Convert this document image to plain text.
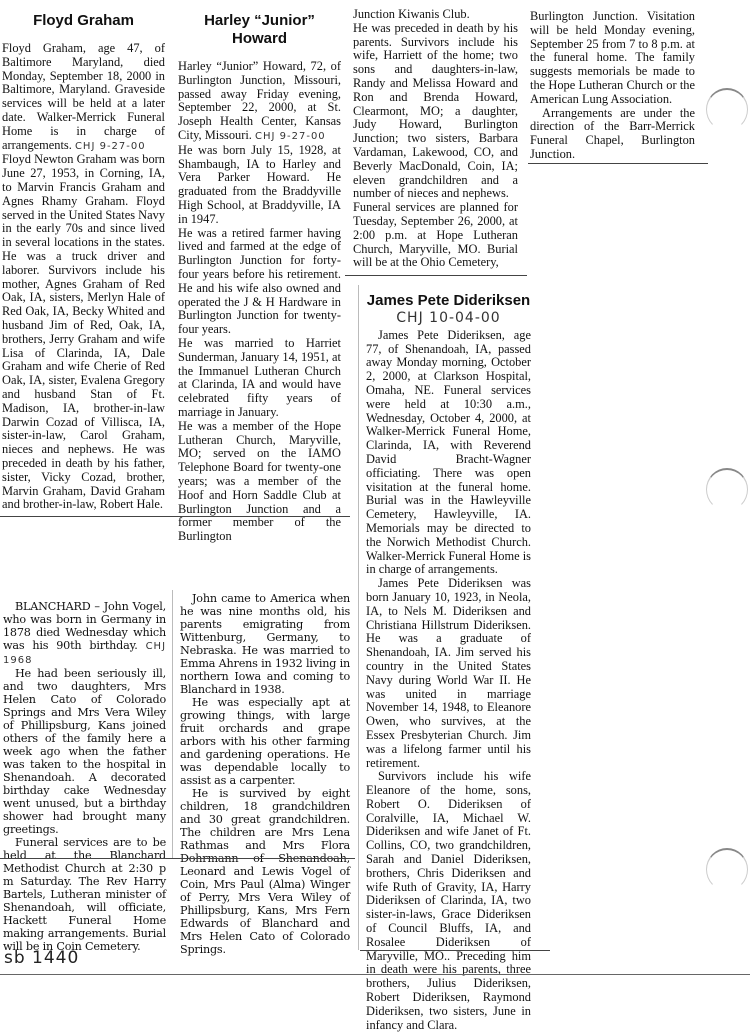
Floyd Graham

Floyd Graham, age 47, of Baltimore Maryland, died Monday, September 18, 2000 in Baltimore, Maryland. Graveside services will be held at a later date. Walker-Merrick Funeral Home is in charge of arrangements. CHJ 9-27-00

Floyd Newton Graham was born June 27, 1953, in Corning, IA, to Marvin Francis Graham and Agnes Rhamy Graham. Floyd served in the United States Navy in the early 70s and since lived in several locations in the states. He was a truck driver and laborer. Survivors include his mother, Agnes Graham of Red Oak, IA, sisters, Merlyn Hale of Red Oak, IA, Becky Whited and husband Jim of Red, Oak, IA, brothers, Jerry Graham and wife Lisa of Clarinda, IA, Dale Graham and wife Cherie of Red Oak, IA, sister, Evalena Gregory and husband Stan of Ft. Madison, IA, brother-in-law Darwin Cozad of Villisca, IA, sister-in-law, Carol Graham, nieces and nephews. He was preceded in death by his father, sister, Vicky Cozad, brother, Marvin Graham, David Graham and brother-in-law, Robert Hale.

Harley “Junior” Howard

Harley “Junior” Howard, 72, of Burlington Junction, Missouri, passed away Friday evening, September 22, 2000, at St. Joseph Health Center, Kansas City, Missouri. CHJ 9-27-00

He was born July 15, 1928, at Shambaugh, IA to Harley and Vera Parker Howard. He graduated from the Braddyville High School, at Braddyville, IA in 1947.

He was a retired farmer having lived and farmed at the edge of Burlington Junction for forty-four years before his retirement. He and his wife also owned and operated the J & H Hardware in Burlington Junction for twenty-four years.

He was married to Harriet Sunderman, January 14, 1951, at the Immanuel Lutheran Church at Clarinda, IA and would have celebrated fifty years of marriage in January.

He was a member of the Hope Lutheran Church, Maryville, MO; served on the IAMO Telephone Board for twenty-one years; was a member of the Hoof and Horn Saddle Club at Burlington Junction and a former member of the Burlington

Junction Kiwanis Club.

He was preceded in death by his parents. Survivors include his wife, Harriett of the home; two sons and daughters-in-law, Randy and Melissa Howard and Ron and Brenda Howard, Clearmont, MO; a daughter, Judy Howard, Burlington Junction; two sisters, Barbara Vardaman, Lakewood, CO, and Beverly MacDonald, Coin, IA; eleven grandchildren and a number of nieces and nephews.

Funeral services are planned for Tuesday, September 26, 2000, at 2:00 p.m. at Hope Lutheran Church, Maryville, MO. Burial will be at the Ohio Cemetery,

Burlington Junction. Visitation will be held Monday evening, September 25 from 7 to 8 p.m. at the funeral home. The family suggests memorials be made to the Hope Lutheran Church or the American Lung Association.

Arrangements are under the direction of the Barr-Merrick Funeral Chapel, Burlington Junction.

James Pete Dideriksen
CHJ 10-04-00

James Pete Dideriksen, age 77, of Shenandoah, IA, passed away Monday morning, October 2, 2000, at Clarkson Hospital, Omaha, NE. Funeral services were held at 10:30 a.m., Wednesday, October 4, 2000, at Walker-Merrick Funeral Home, Clarinda, IA, with Reverend David Bracht-Wagner officiating. There was open visitation at the funeral home. Burial was in the Hawleyville Cemetery, Hawleyville, IA. Memorials may be directed to the Norwich Methodist Church. Walker-Merrick Funeral Home is in charge of arrangements.

James Pete Dideriksen was born January 10, 1923, in Neola, IA, to Nels M. Dideriksen and Christiana Hillstrum Dideriksen. He was a graduate of Shenandoah, IA. Jim served his country in the United States Navy during World War II. He was united in marriage November 14, 1948, to Eleanore Owen, who survives, at the Essex Presbyterian Church. Jim was a lifelong farmer until his retirement.

Survivors include his wife Eleanore of the home, sons, Robert O. Dideriksen of Coralville, IA, Michael W. Dideriksen and wife Janet of Ft. Collins, CO, two grandchildren, Sarah and Daniel Dideriksen, brothers, Chris Dideriksen and wife Ruth of Gravity, IA, Harry Dideriksen of Clarinda, IA, two sister-in-laws, Grace Dideriksen of Council Bluffs, IA, and Rosalee Dideriksen of Maryville, MO.. Preceding him in death were his parents, three brothers, Julius Dideriksen, Robert Dideriksen, Raymond Dideriksen, two sisters, June in infancy and Clara.

BLANCHARD – John Vogel, who was born in Germany in 1878 died Wednesday which was his 90th birthday. CHJ 1968

He had been seriously ill, and two daughters, Mrs Helen Cato of Colorado Springs and Mrs Vera Wiley of Phillipsburg, Kans joined others of the family here a week ago when the father was taken to the hospital in Shenandoah. A decorated birthday cake Wednesday went unused, but a birthday shower had brought many greetings.

Funeral services are to be held at the Blanchard Methodist Church at 2:30 p m Saturday. The Rev Harry Bartels, Lutheran minister of Shenandoah, will officiate, Hackett Funeral Home making arrangements. Burial will be in Coin Cemetery.

John came to America when he was nine months old, his parents emigrating from Wittenburg, Germany, to Nebraska. He was married to Emma Ahrens in 1932 living in northern Iowa and coming to Blanchard in 1938.

He was especially apt at growing things, with large fruit orchards and grape arbors with his other farming and gardening operations. He was dependable locally to assist as a carpenter.

He is survived by eight children, 18 grandchildren and 30 great grandchildren. The children are Mrs Lena Rathmas and Mrs Flora Dohrmann of Shenandoah, Leonard and Lewis Vogel of Coin, Mrs Paul (Alma) Winger of Perry, Mrs Vera Wiley of Phillipsburg, Kans, Mrs Fern Edwards of Blanchard and Mrs Helen Cato of Colorado Springs.

sb 1440
